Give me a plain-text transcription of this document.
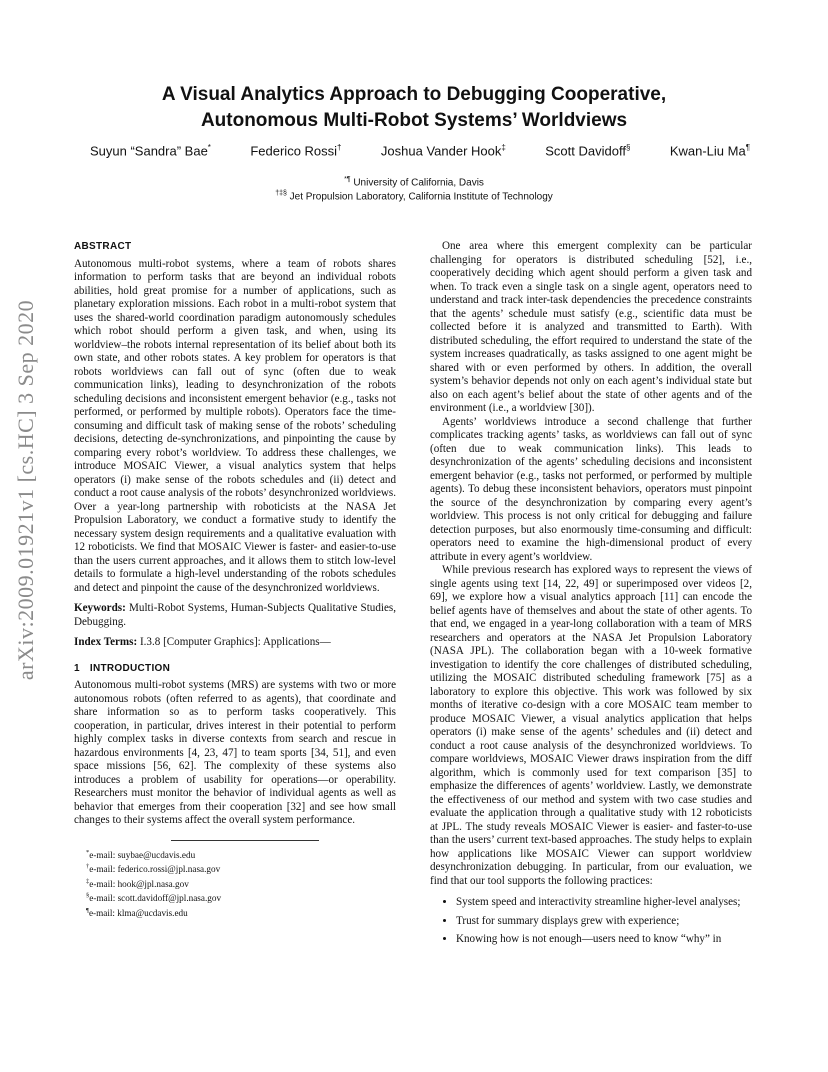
arXiv:2009.01921v1 [cs.HC] 3 Sep 2020
A Visual Analytics Approach to Debugging Cooperative,
Autonomous Multi-Robot Systems’ Worldviews
Suyun “Sandra” Bae*	Federico Rossi†	Joshua Vander Hook‡	Scott Davidoff§	Kwan-Liu Ma¶
*¶ University of California, Davis
†‡§ Jet Propulsion Laboratory, California Institute of Technology
ABSTRACT

Autonomous multi-robot systems, where a team of robots shares information to perform tasks that are beyond an individual robots abilities, hold great promise for a number of applications, such as planetary exploration missions. Each robot in a multi-robot system that uses the shared-world coordination paradigm autonomously schedules which robot should perform a given task, and when, using its worldview–the robots internal representation of its belief about both its own state, and other robots states. A key problem for operators is that robots worldviews can fall out of sync (often due to weak communication links), leading to desynchronization of the robots scheduling decisions and inconsistent emergent behavior (e.g., tasks not performed, or performed by multiple robots). Operators face the time-consuming and difficult task of making sense of the robots’ scheduling decisions, detecting de-synchronizations, and pinpointing the cause by comparing every robot’s worldview. To address these challenges, we introduce MOSAIC Viewer, a visual analytics system that helps operators (i) make sense of the robots schedules and (ii) detect and conduct a root cause analysis of the robots’ desynchronized worldviews. Over a year-long partnership with roboticists at the NASA Jet Propulsion Laboratory, we conduct a formative study to identify the necessary system design requirements and a qualitative evaluation with 12 roboticists. We find that MOSAIC Viewer is faster- and easier-to-use than the users current approaches, and it allows them to stitch low-level details to formulate a high-level understanding of the robots schedules and detect and pinpoint the cause of the desynchronized worldviews.

Keywords: Multi-Robot Systems, Human-Subjects Qualitative Studies, Debugging.

Index Terms: I.3.8 [Computer Graphics]: Applications—

1 INTRODUCTION

Autonomous multi-robot systems (MRS) are systems with two or more autonomous robots (often referred to as agents), that coordinate and share information so as to perform tasks cooperatively. This cooperation, in particular, drives interest in their potential to perform highly complex tasks in diverse contexts from search and rescue in hazardous environments [4, 23, 47] to team sports [34, 51], and even space missions [56, 62]. The complexity of these systems also introduces a problem of usability for operations—or operability. Researchers must monitor the behavior of individual agents as well as behavior that emerges from their cooperation [32] and see how small changes to their systems affect the overall system performance.

*e-mail: suybae@ucdavis.edu
†e-mail: federico.rossi@jpl.nasa.gov
‡e-mail: hook@jpl.nasa.gov
§e-mail: scott.davidoff@jpl.nasa.gov
¶e-mail: klma@ucdavis.edu

One area where this emergent complexity can be particular challenging for operators is distributed scheduling [52], i.e., cooperatively deciding which agent should perform a given task and when. To track even a single task on a single agent, operators need to understand and track inter-task dependencies the precedence constraints that the agents’ schedule must satisfy (e.g., scientific data must be collected before it is analyzed and transmitted to Earth). With distributed scheduling, the effort required to understand the state of the system increases quadratically, as tasks assigned to one agent might be shared with or even performed by others. In addition, the overall system’s behavior depends not only on each agent’s individual state but also on each agent’s belief about the state of other agents and of the environment (i.e., a worldview [30]).

Agents’ worldviews introduce a second challenge that further complicates tracking agents’ tasks, as worldviews can fall out of sync (often due to weak communication links). This leads to desynchronization of the agents’ scheduling decisions and inconsistent emergent behavior (e.g., tasks not performed, or performed by multiple agents). To debug these inconsistent behaviors, operators must pinpoint the source of the desynchronization by comparing every agent’s worldview. This process is not only critical for debugging and failure detection purposes, but also enormously time-consuming and difficult: operators need to examine the high-dimensional product of every attribute in every agent’s worldview.

While previous research has explored ways to represent the views of single agents using text [14, 22, 49] or superimposed over videos [2, 69], we explore how a visual analytics approach [11] can encode the belief agents have of themselves and about the state of other agents. To that end, we engaged in a year-long collaboration with a team of MRS researchers and operators at the NASA Jet Propulsion Laboratory (NASA JPL). The collaboration began with a 10-week formative investigation to identify the core challenges of distributed scheduling, utilizing the MOSAIC distributed scheduling framework [75] as a laboratory to explore this objective. This work was followed by six months of iterative co-design with a core MOSAIC team member to produce MOSAIC Viewer, a visual analytics application that helps operators (i) make sense of the agents’ schedules and (ii) detect and conduct a root cause analysis of the desynchronized worldviews. To compare worldviews, MOSAIC Viewer draws inspiration from the diff algorithm, which is commonly used for text comparison [35] to emphasize the differences of agents’ worldview. Lastly, we demonstrate the effectiveness of our method and system with two case studies and evaluate the application through a qualitative study with 12 roboticists at JPL. The study reveals MOSAIC Viewer is easier- and faster-to-use than the users’ current text-based approaches. The study helps to explain how applications like MOSAIC Viewer can support worldview desynchronization debugging. In particular, from our evaluation, we find that our tool supports the following practices:

• System speed and interactivity streamline higher-level analyses;
• Trust for summary displays grew with experience;
• Knowing how is not enough—users need to know “why” in
